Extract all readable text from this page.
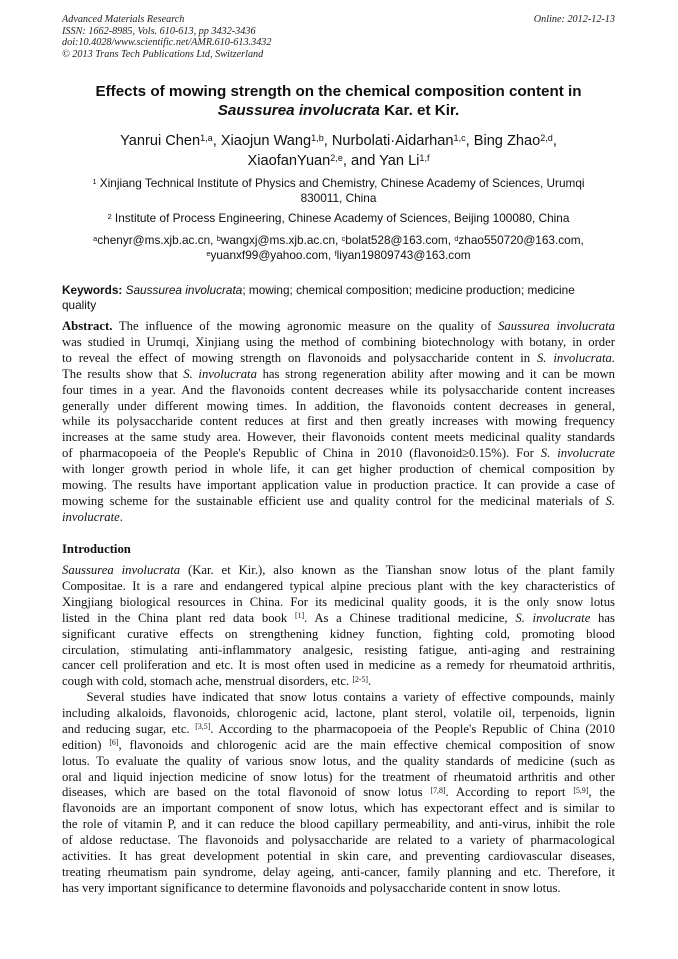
Advanced Materials Research
ISSN: 1662-8985, Vols. 610-613, pp 3432-3436
doi:10.4028/www.scientific.net/AMR.610-613.3432
© 2013 Trans Tech Publications Ltd, Switzerland
Online: 2012-12-13
Effects of mowing strength on the chemical composition content in
Saussurea involucrata Kar. et Kir.
Yanrui Chen$^{1,a}$, Xiaojun Wang$^{1,b}$, Nurbolati·Aidarhan$^{1,c}$, Bing Zhao$^{2,d}$,
XiaofanYuan$^{2,e}$, and Yan Li$^{1,f}$
$^1$ Xinjiang Technical Institute of Physics and Chemistry, Chinese Academy of Sciences, Urumqi
830011, China
$^2$ Institute of Process Engineering, Chinese Academy of Sciences, Beijing 100080, China
$^a$chenyr@ms.xjb.ac.cn, $^b$wangxj@ms.xjb.ac.cn, $^c$bolat528@163.com, $^d$zhao550720@163.com,
$^e$yuanxf99@yahoo.com, $^f$liyan19809743@163.com
Keywords: Saussurea involucrata; mowing; chemical composition; medicine production; medicine
quality
Abstract. The influence of the mowing agronomic measure on the quality of Saussurea involucrata
was studied in Urumqi, Xinjiang using the method of combining biotechnology with botany, in order
to reveal the effect of mowing strength on flavonoids and polysaccharide content in S. involucrata.
The results show that S. involucrata has strong regeneration ability after mowing and it can be mown
four times in a year. And the flavonoids content decreases while its polysaccharide content increases
generally under different mowing times. In addition, the flavonoids content decreases in general,
while its polysaccharide content reduces at first and then greatly increases with mowing frequency
increases at the same study area. However, their flavonoids content meets medicinal quality standards
of pharmacopoeia of the People's Republic of China in 2010 (flavonoid≥0.15%). For S. involucrate
with longer growth period in whole life, it can get higher production of chemical composition by
mowing. The results have important application value in production practice. It can provide a case of
mowing scheme for the sustainable efficient use and quality control for the medicinal materials of S.
involucrate.
Introduction
Saussurea involucrata (Kar. et Kir.), also known as the Tianshan snow lotus of the plant family
Compositae. It is a rare and endangered typical alpine precious plant with the key characteristics of
Xingjiang biological resources in China. For its medicinal quality goods, it is the only snow lotus
listed in the China plant red data book [1]. As a Chinese traditional medicine, S. involucrate has
significant curative effects on strengthening kidney function, fighting cold, promoting blood
circulation, stimulating anti-inflammatory analgesic, resisting fatigue, anti-aging and restraining
cancer cell proliferation and etc. It is most often used in medicine as a remedy for rheumatoid arthritis,
cough with cold, stomach ache, menstrual disorders, etc. [2-5].
Several studies have indicated that snow lotus contains a variety of effective compounds, mainly
including alkaloids, flavonoids, chlorogenic acid, lactone, plant sterol, volatile oil, terpenoids, lignin
and reducing sugar, etc. [3,5]. According to the pharmacopoeia of the People's Republic of China (2010
edition) [6], flavonoids and chlorogenic acid are the main effective chemical composition of snow
lotus. To evaluate the quality of various snow lotus, and the quality standards of medicine (such as
oral and liquid injection medicine of snow lotus) for the treatment of rheumatoid arthritis and other
diseases, which are based on the total flavonoid of snow lotus [7,8]. According to report [5,9], the
flavonoids are an important component of snow lotus, which has expectorant effect and is similar to
the role of vitamin P, and it can reduce the blood capillary permeability, and anti-virus, inhibit the role
of aldose reductase. The flavonoids and polysaccharide are related to a variety of pharmacological
activities. It has great development potential in skin care, and preventing cardiovascular diseases,
treating rheumatism pain syndrome, delay ageing, anti-cancer, family planning and etc. Therefore, it
has very important significance to determine flavonoids and polysaccharide content in snow lotus.
